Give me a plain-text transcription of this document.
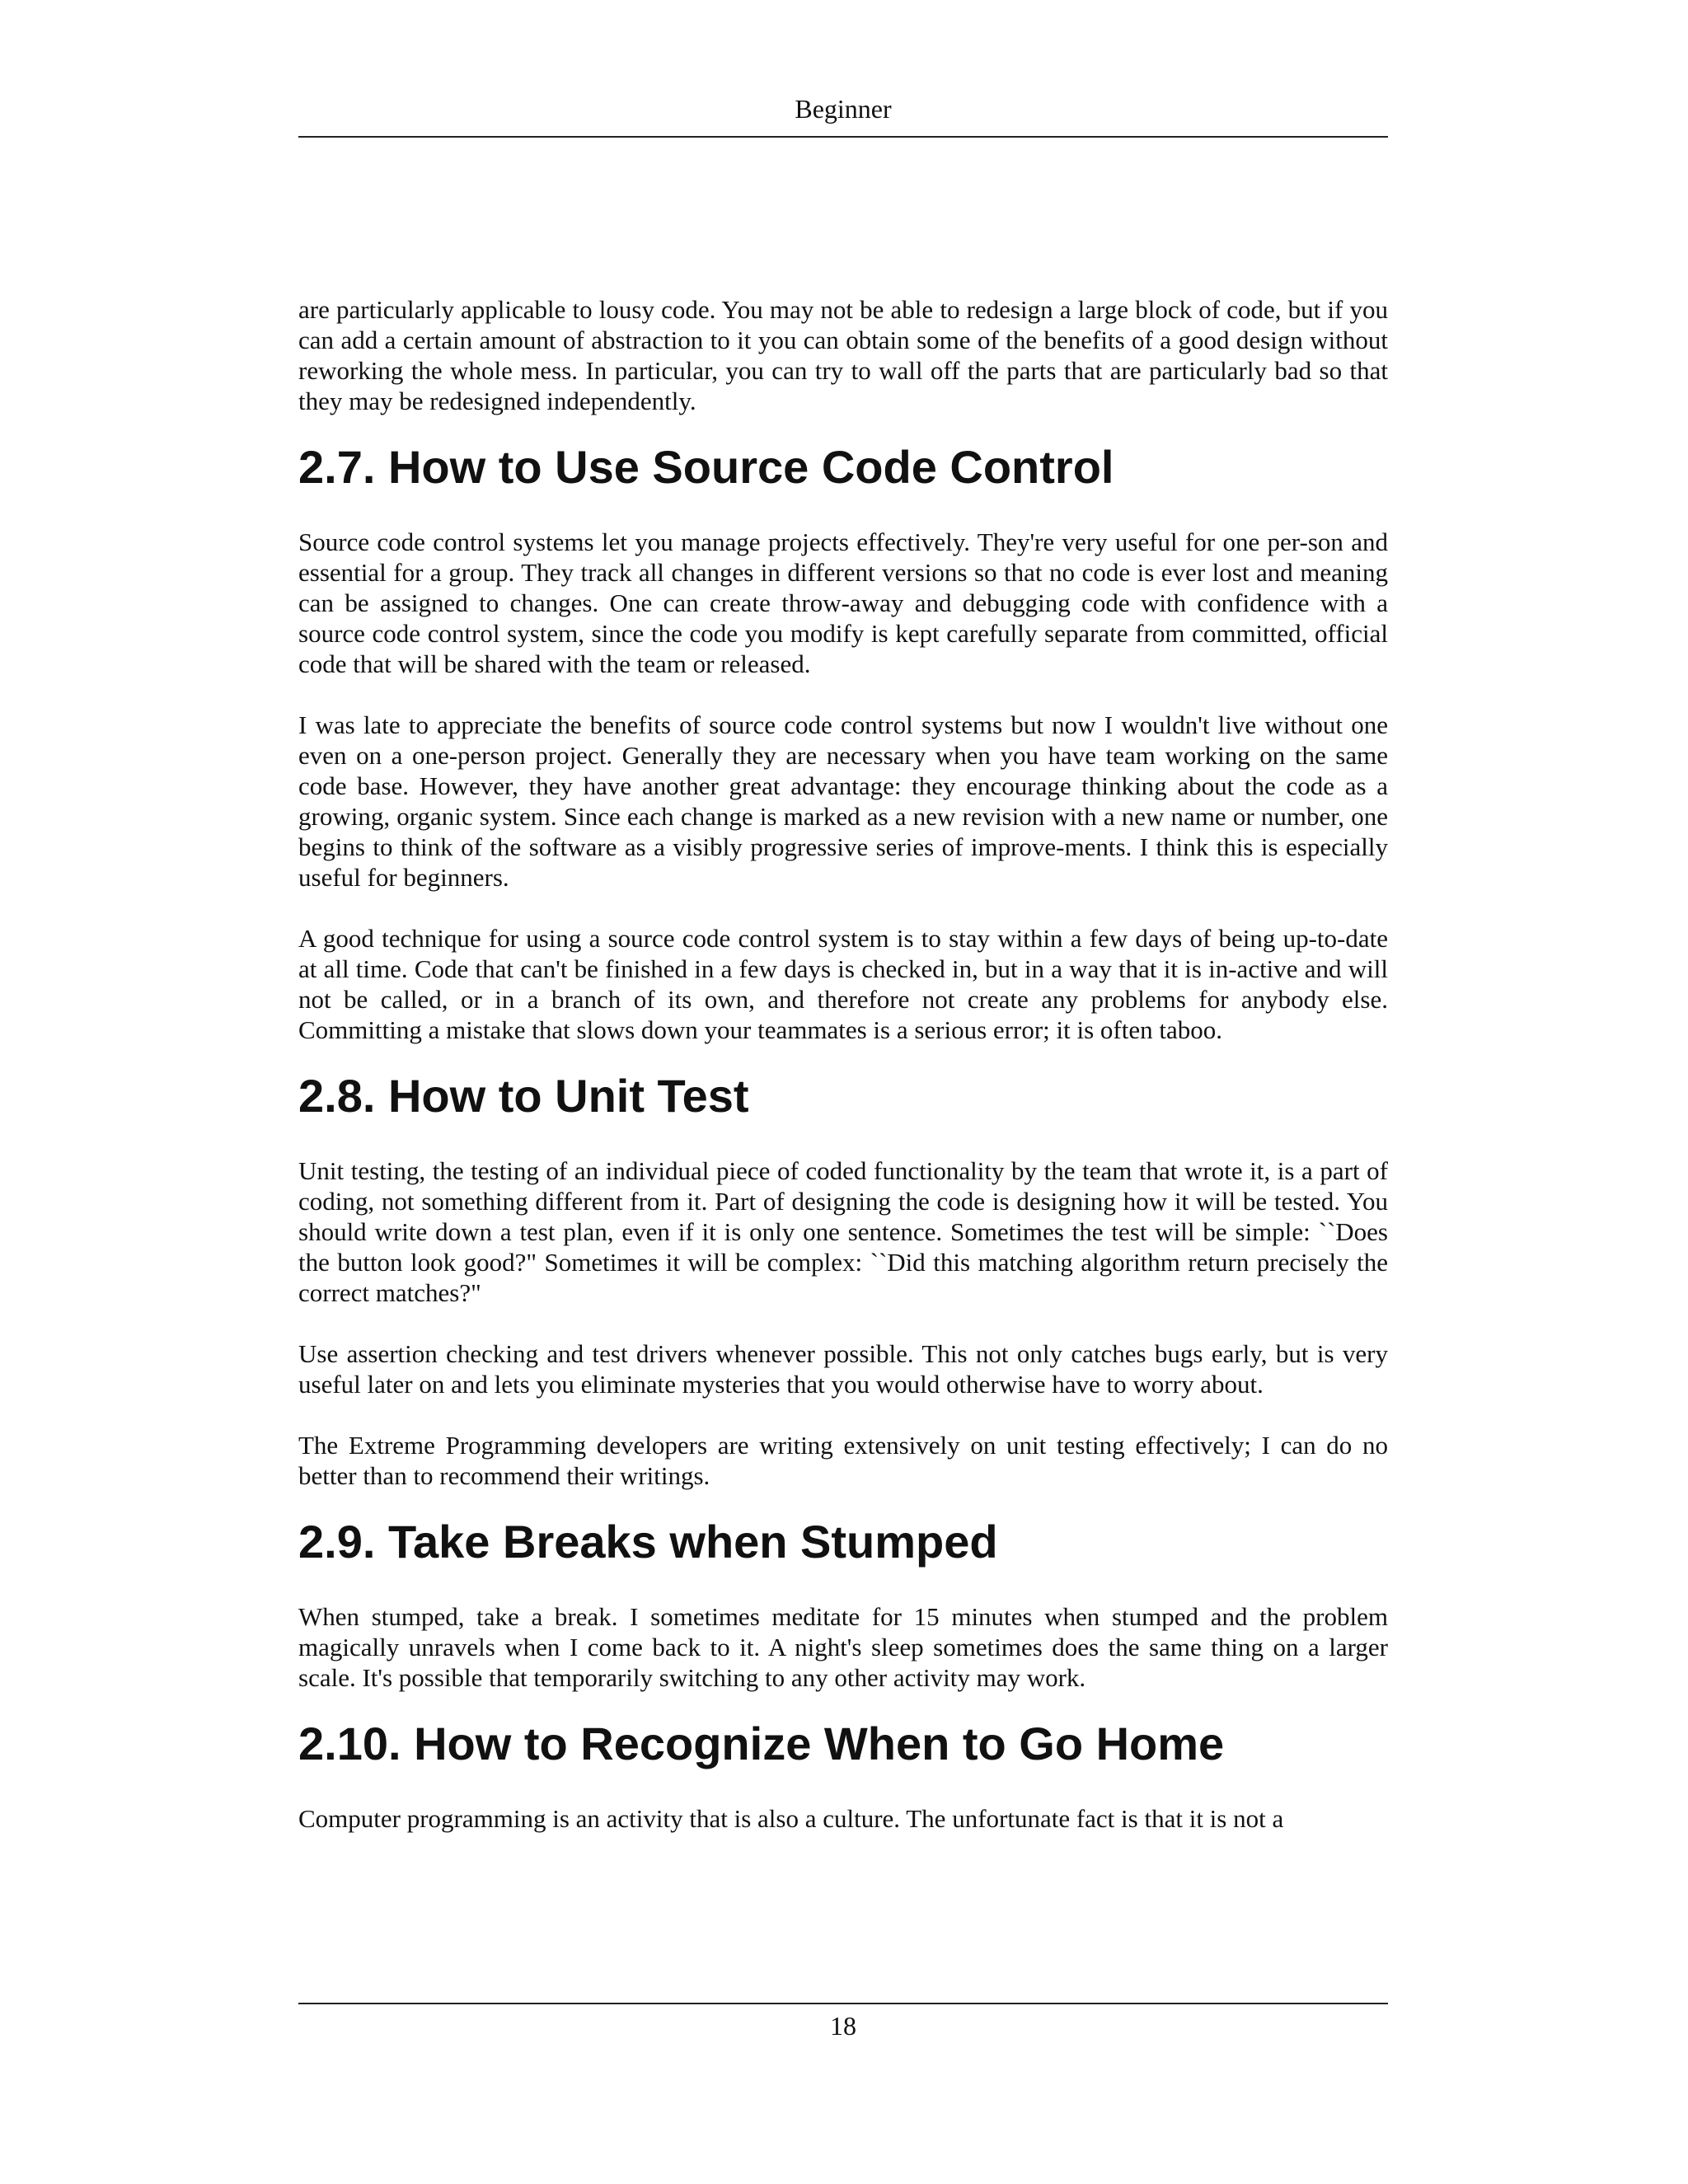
Beginner

are particularly applicable to lousy code. You may not be able to redesign a large block of code, but if you can add a certain amount of abstraction to it you can obtain some of the benefits of a good design without reworking the whole mess. In particular, you can try to wall off the parts that are particularly bad so that they may be redesigned independently.

2.7. How to Use Source Code Control

Source code control systems let you manage projects effectively. They're very useful for one per-son and essential for a group. They track all changes in different versions so that no code is ever lost and meaning can be assigned to changes. One can create throw-away and debugging code with confidence with a source code control system, since the code you modify is kept carefully separate from committed, official code that will be shared with the team or released.

I was late to appreciate the benefits of source code control systems but now I wouldn't live without one even on a one-person project. Generally they are necessary when you have team working on the same code base. However, they have another great advantage: they encourage thinking about the code as a growing, organic system. Since each change is marked as a new revision with a new name or number, one begins to think of the software as a visibly progressive series of improve-ments. I think this is especially useful for beginners.

A good technique for using a source code control system is to stay within a few days of being up-to-date at all time. Code that can't be finished in a few days is checked in, but in a way that it is in-active and will not be called, or in a branch of its own, and therefore not create any problems for anybody else. Committing a mistake that slows down your teammates is a serious error; it is often taboo.

2.8. How to Unit Test

Unit testing, the testing of an individual piece of coded functionality by the team that wrote it, is a part of coding, not something different from it. Part of designing the code is designing how it will be tested. You should write down a test plan, even if it is only one sentence. Sometimes the test will be simple: ``Does the button look good?" Sometimes it will be complex: ``Did this matching algorithm return precisely the correct matches?"

Use assertion checking and test drivers whenever possible. This not only catches bugs early, but is very useful later on and lets you eliminate mysteries that you would otherwise have to worry about.

The Extreme Programming developers are writing extensively on unit testing effectively; I can do no better than to recommend their writings.

2.9. Take Breaks when Stumped

When stumped, take a break. I sometimes meditate for 15 minutes when stumped and the problem magically unravels when I come back to it. A night's sleep sometimes does the same thing on a larger scale. It's possible that temporarily switching to any other activity may work.

2.10. How to Recognize When to Go Home

Computer programming is an activity that is also a culture. The unfortunate fact is that it is not a

18
